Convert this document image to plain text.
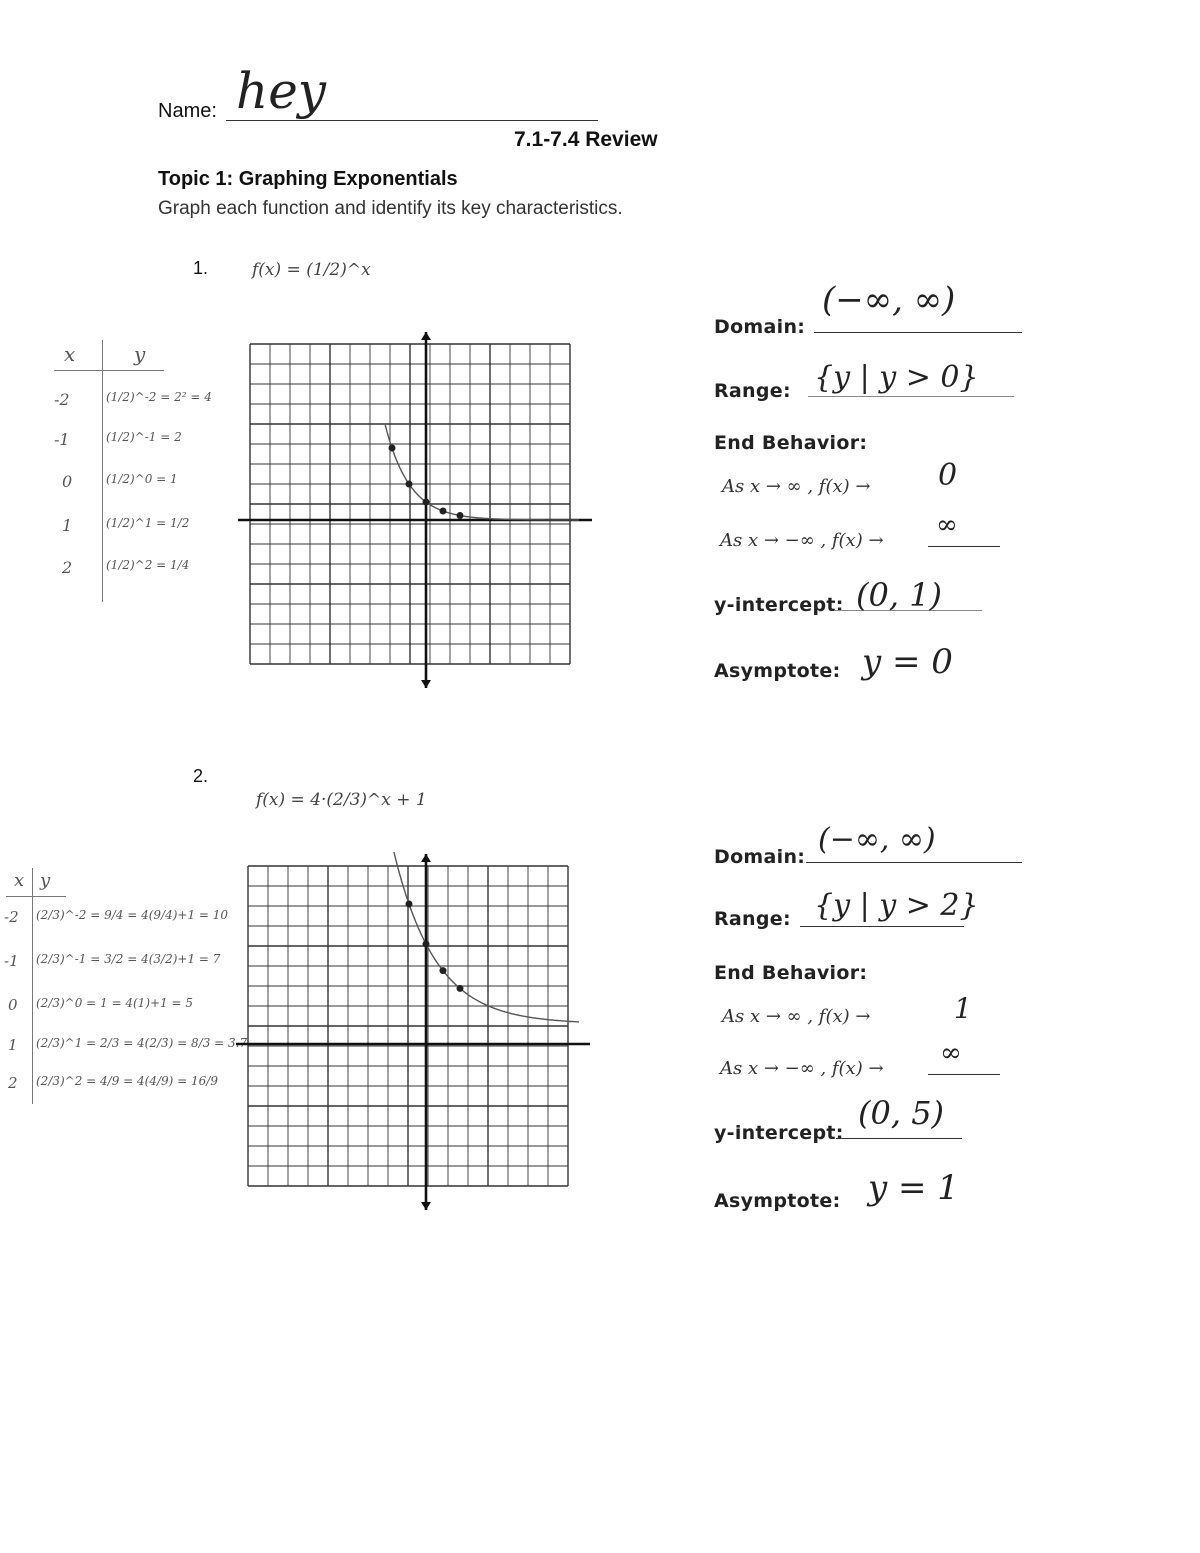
Name: hey
7.1-7.4 Review
Topic 1: Graphing Exponentials
Graph each function and identify its key characteristics.
1.	f(x) = (1/2)^x
x	y
-2	(1/2)^-2 = 2² = 4
-1	(1/2)^-1 = 2
0	(1/2)^0 = 1
1	(1/2)^1 = 1/2
2	(1/2)^2 = 1/4
Domain:
(−∞, ∞)
Range: {y | y > 0}
End Behavior:
As x → ∞ , f(x) → 0
As x → −∞ , f(x) →
∞
y-intercept: (0, 1)
Asymptote: y = 0
2.
f(x) = 4·(2/3)^x + 1
x y
-2 (2/3)^-2 = 9/4 = 4(9/4)+1 = 10
-1 (2/3)^-1 = 3/2 = 4(3/2)+1 = 7
0 (2/3)^0 = 1 = 4(1)+1 = 5
1 (2/3)^1 = 2/3 = 4(2/3) = 8/3 = 3.7
2 (2/3)^2 = 4/9 = 4(4/9) = 16/9
Domain: (−∞, ∞)
Range: {y | y > 2}
End Behavior:
As x → ∞ , f(x) →	1
As x → −∞ , f(x) →
∞
y-intercept:
(0, 5)
Asymptote: y = 1
